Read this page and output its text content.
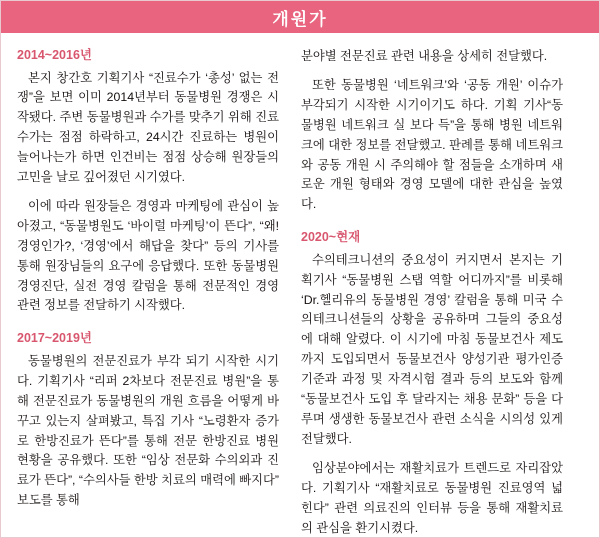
개원가
2014~2016년

본지 창간호 기획기사 “진료수가 ‘총성’ 없는 전쟁”을 보면 이미 2014년부터 동물병원 경쟁은 시작됐다. 주변 동물병원과 수가를 맞추기 위해 진료수가는 점점 하락하고, 24시간 진료하는 병원이 늘어나는가 하면 인건비는 점점 상승해 원장들의 고민을 날로 깊어졌던 시기였다.

이에 따라 원장들은 경영과 마케팅에 관심이 높아졌고, “동물병원도 ‘바이럴 마케팅’이 뜬다”, “왜! 경영인가?, ‘경영’에서 해답을 찾다” 등의 기사를 통해 원장님들의 요구에 응답했다. 또한 동물병원 경영진단, 실전 경영 칼럼을 통해 전문적인 경영 관련 정보를 전달하기 시작했다.

2017~2019년

동물병원의 전문진료가 부각 되기 시작한 시기다. 기획기사 “리퍼 2차보다 전문진료 병원”을 통해 전문진료가 동물병원의 개원 흐름을 어떻게 바꾸고 있는지 살펴봤고, 특집 기사 “노령환자 증가로 한방진료가 뜬다”를 통해 전문 한방진료 병원 현황을 공유했다. 또한 “임상 전문화 수의외과 진료가 뜬다”, “수의사들 한방 치료의 매력에 빠지다” 보도를 통해

분야별 전문진료 관련 내용을 상세히 전달했다.

또한 동물병원 ‘네트워크’와 ‘공동 개원’ 이슈가 부각되기 시작한 시기이기도 하다. 기획 기사“동물병원 네트워크 실 보다 득”을 통해 병원 네트워크에 대한 정보를 전달했고. 판례를 통해 네트워크와 공동 개원 시 주의해야 할 점들을 소개하며 새로운 개원 형태와 경영 모델에 대한 관심을 높였다.

2020~현재

수의테크니션의 중요성이 커지면서 본지는 기획기사 “동물병원 스탭 역할 어디까지”를 비롯해 ‘Dr.헬리유의 동물병원 경영’ 칼럼을 통해 미국 수의테크니션들의 상황을 공유하며 그들의 중요성에 대해 알렸다. 이 시기에 마침 동물보건사 제도까지 도입되면서 동물보건사 양성기관 평가인증 기준과 과정 및 자격시험 결과 등의 보도와 함께 “동물보건사 도입 후 달라지는 채용 문화” 등을 다루며 생생한 동물보건사 관련 소식을 시의성 있게 전달했다.

임상분야에서는 재활치료가 트렌드로 자리잡았다. 기획기사 “재활치료로 동물병원 진료영역 넓힌다” 관련 의료진의 인터뷰 등을 통해 재활치료의 관심을 환기시켰다.
